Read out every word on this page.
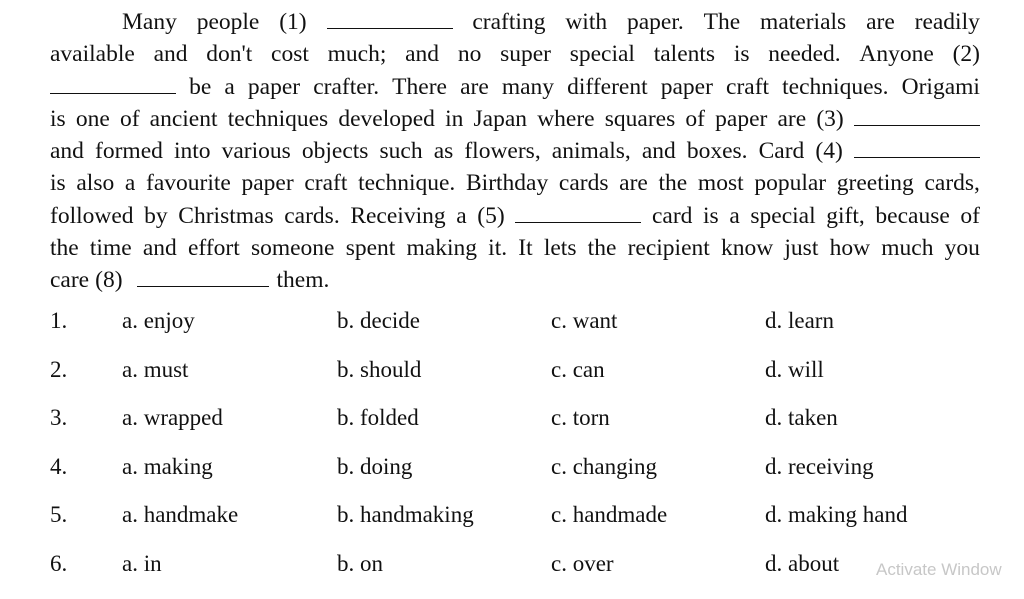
Many people (1)	crafting with paper. The materials are readily
available and don't cost much; and no super special talents is needed. Anyone (2)
be a paper crafter. There are many different paper craft techniques. Origami
is one of ancient techniques developed in Japan where squares of paper are (3)
and formed into various objects such as flowers, animals, and boxes. Card (4)
is also a favourite paper craft technique. Birthday cards are the most popular greeting cards,
followed by Christmas cards. Receiving a (5)	card is a special gift, because of
the time and effort someone spent making it. It lets the recipient know just how much you
care (8)	them.
1. a. enjoy	b. decide	c. want	d. learn
2. a. must	b. should	c. can	d. will
3. a. wrapped	b. folded	c. torn	d. taken
4. a. making	b. doing	c. changing	d. receiving
5. a. handmake	b. handmaking	c. handmade	d. making hand
6. a. in	b. on	c. over	d. about Activate Window
